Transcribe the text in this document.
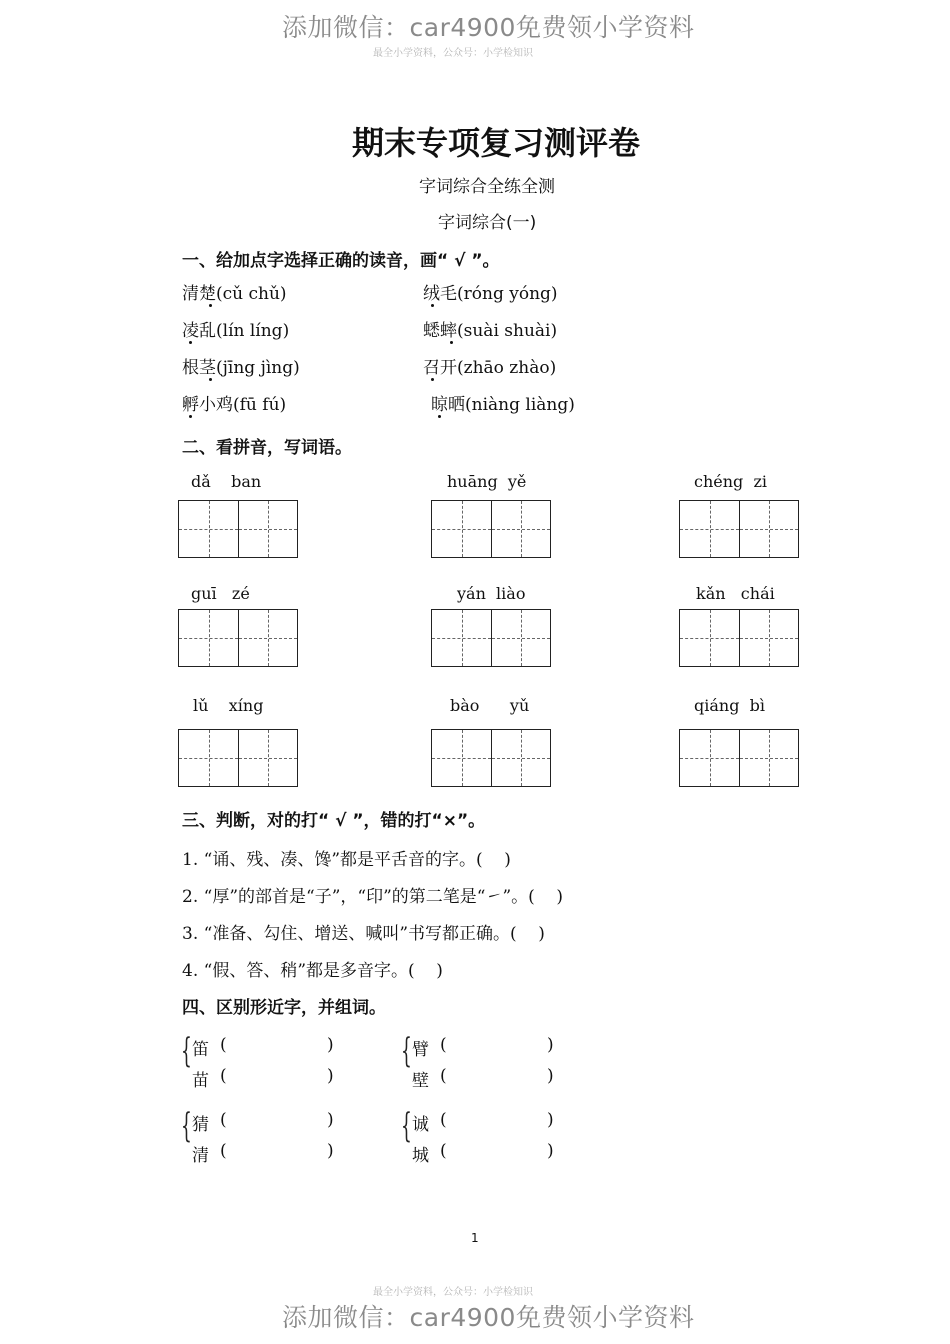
添加微信：car4900免费领小学资料
最全小学资料，公众号：小学检知识
期末专项复习测评卷
字词综合全练全测
字词综合(一)
一、给加点字选择正确的读音，画“ √ ”。
清楚(cǔ chǔ)	绒毛(róng yóng)
凌乱(lín líng)	蟋蟀(suài shuài)
根茎(jīng jìng)	召开(zhāo zhào)
孵小鸡(fū fú)	晾晒(niàng liàng)
二、看拼音，写词语。
dǎ    ban	huāng  yě	chéng  zi
guī   zé	yán  liào	kǎn   chái
lǔ    xíng	bào      yǔ	qiáng  bì
三、判断，对的打“ √ ”，错的打“×”。
1. “诵、残、凑、馋”都是平舌音的字。(    )
2. “厚”的部首是“子”，“印”的第二笔是“㇀”。(    )
3. “准备、勾住、增送、喊叫”书写都正确。(    )
4. “假、答、稍”都是多音字。(    )
四、区别形近字，并组词。
{ 笛
苗
(	)
(	)
{ 臂
壁
(	)
(	)
{ 猜
清
(	)
(	)
{ 诚
城
(	)
(	)
1
最全小学资料，公众号：小学检知识
添加微信：car4900免费领小学资料
